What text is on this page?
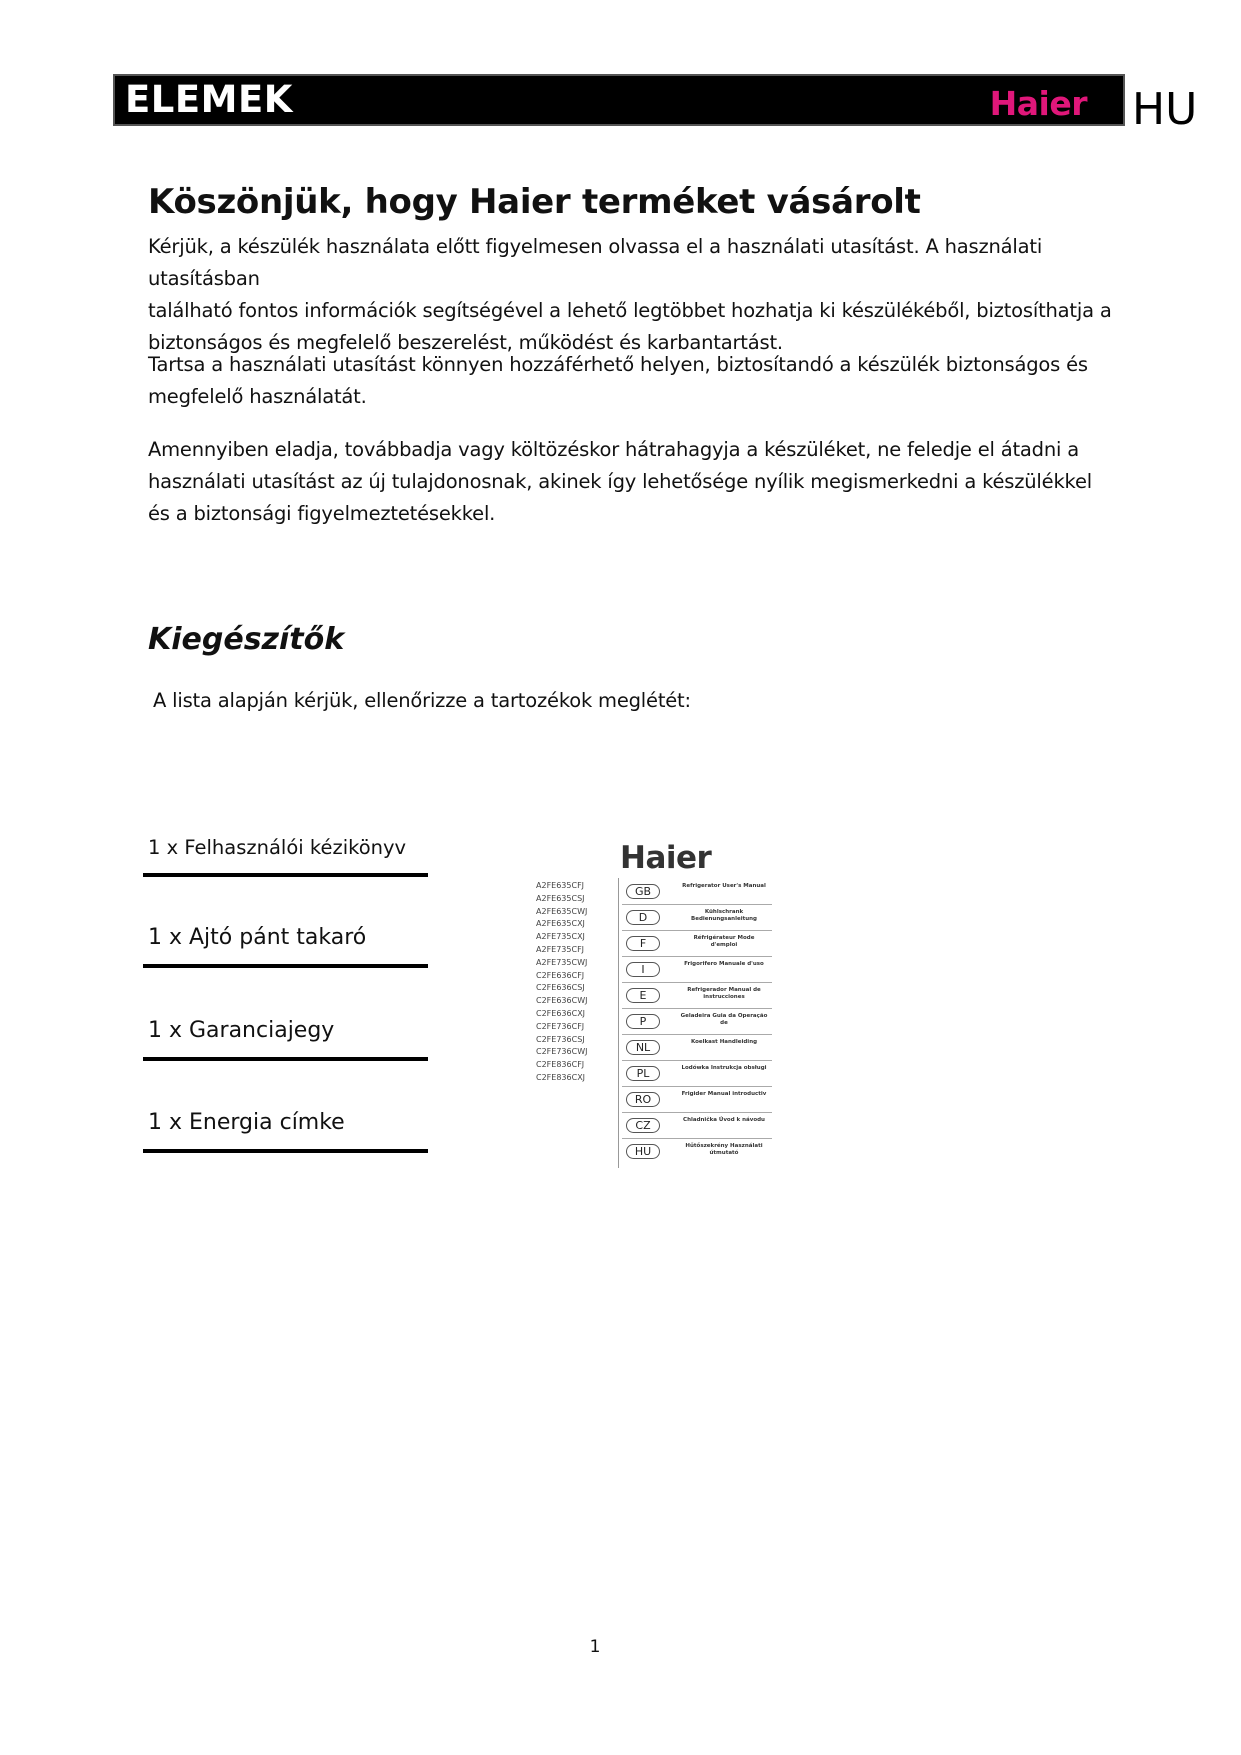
ELEMEK	Haier HU
Köszönjük, hogy Haier terméket vásárolt
Kérjük, a készülék használata előtt figyelmesen olvassa el a használati utasítást. A használati utasításban
található fontos információk segítségével a lehető legtöbbet hozhatja ki készülékéből, biztosíthatja a
biztonságos és megfelelő beszerelést, működést és karbantartást.
Tartsa a használati utasítást könnyen hozzáférhető helyen, biztosítandó a készülék biztonságos és
megfelelő használatát.
Amennyiben eladja, továbbadja vagy költözéskor hátrahagyja a készüléket, ne feledje el átadni a
használati utasítást az új tulajdonosnak, akinek így lehetősége nyílik megismerkedni a készülékkel
és a biztonsági figyelmeztetésekkel.
Kiegészítők

A lista alapján kérjük, ellenőrizze a tartozékok meglétét:

1 x Felhasználói kézikönyv
1 x Ajtó pánt takaró
1 x Garanciajegy
1 x Energia címke
Haier
A2FE635CFJ
A2FE635CSJ
A2FE635CWJ
A2FE635CXJ
A2FE735CXJ
A2FE735CFJ
A2FE735CWJ
C2FE636CFJ
C2FE636CSJ
C2FE636CWJ
C2FE636CXJ
C2FE736CFJ
C2FE736CSJ
C2FE736CWJ
C2FE836CFJ
C2FE836CXJ
GB	Refrigerator User's Manual
D	Kühlschrank Bedienungsanleitung
F	Réfrigérateur Mode d'emploi
I	Frigorifero Manuale d'uso
E	Refrigerador Manual de instrucciones
P	Geladeira Guia da Operação de
NL	Koelkast Handleiding
PL	Lodówka Instrukcja obsługi
RO	Frigider Manual introductiv
CZ	Chladnička Úvod k návodu
HU	Hűtőszekrény Használati útmutató
1
